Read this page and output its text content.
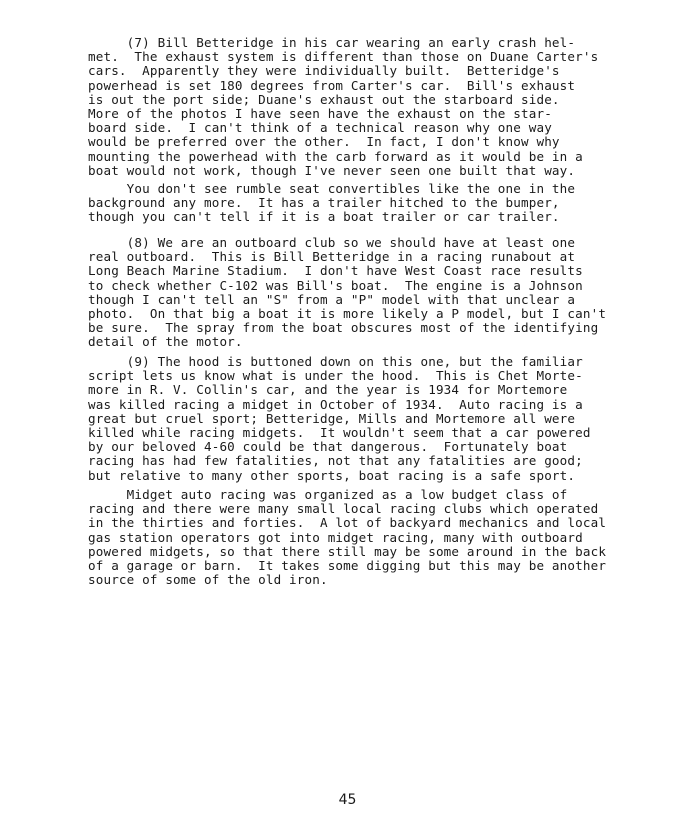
(7) Bill Betteridge in his car wearing an early crash hel-
met.  The exhaust system is different than those on Duane Carter's
cars.  Apparently they were individually built.  Betteridge's
powerhead is set 180 degrees from Carter's car.  Bill's exhaust
is out the port side; Duane's exhaust out the starboard side.
More of the photos I have seen have the exhaust on the star-
board side.  I can't think of a technical reason why one way
would be preferred over the other.  In fact, I don't know why
mounting the powerhead with the carb forward as it would be in a
boat would not work, though I've never seen one built that way.
You don't see rumble seat convertibles like the one in the
background any more.  It has a trailer hitched to the bumper,
though you can't tell if it is a boat trailer or car trailer.
(8) We are an outboard club so we should have at least one
real outboard.  This is Bill Betteridge in a racing runabout at
Long Beach Marine Stadium.  I don't have West Coast race results
to check whether C-102 was Bill's boat.  The engine is a Johnson
though I can't tell an "S" from a "P" model with that unclear a
photo.  On that big a boat it is more likely a P model, but I can't
be sure.  The spray from the boat obscures most of the identifying
detail of the motor.
(9) The hood is buttoned down on this one, but the familiar
script lets us know what is under the hood.  This is Chet Morte-
more in R. V. Collin's car, and the year is 1934 for Mortemore
was killed racing a midget in October of 1934.  Auto racing is a
great but cruel sport; Betteridge, Mills and Mortemore all were
killed while racing midgets.  It wouldn't seem that a car powered
by our beloved 4-60 could be that dangerous.  Fortunately boat
racing has had few fatalities, not that any fatalities are good;
but relative to many other sports, boat racing is a safe sport.
Midget auto racing was organized as a low budget class of
racing and there were many small local racing clubs which operated
in the thirties and forties.  A lot of backyard mechanics and local
gas station operators got into midget racing, many with outboard
powered midgets, so that there still may be some around in the back
of a garage or barn.  It takes some digging but this may be another
source of some of the old iron.
45
